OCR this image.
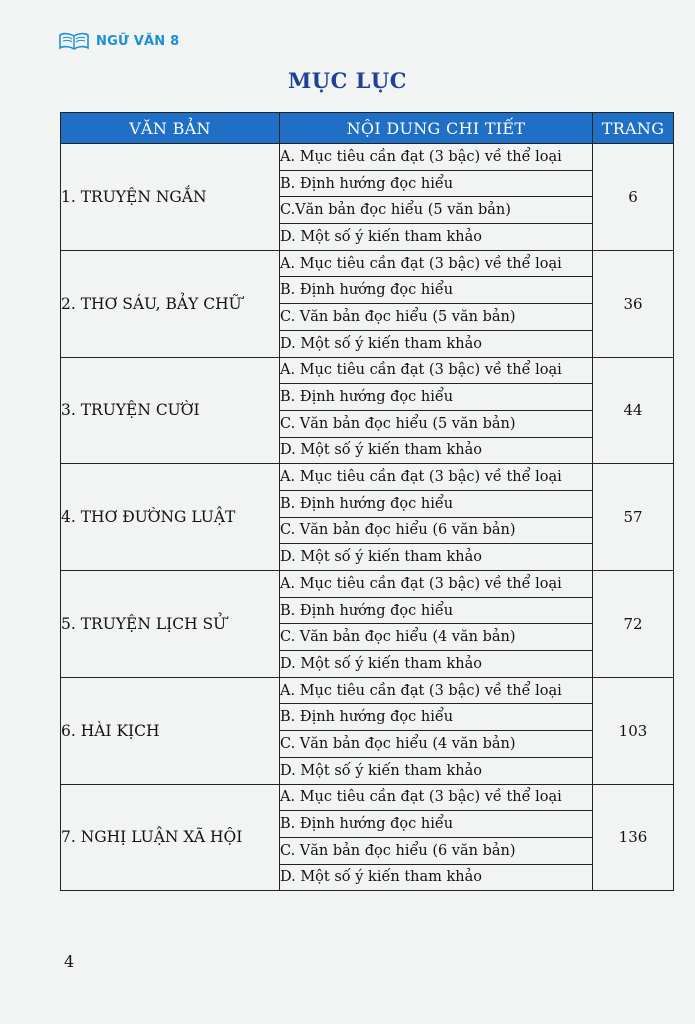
NGỮ VĂN 8
MỤC LỤC
VĂN BẢN	NỘI DUNG CHI TIẾT	TRANG
1. TRUYỆN NGẮN	A. Mục tiêu cần đạt (3 bậc) về thể loại	6
	B. Định hướng đọc hiểu	
	C.Văn bản đọc hiểu (5 văn bản)	
	D. Một số ý kiến tham khảo	
2. THƠ SÁU, BẢY CHỮ	A. Mục tiêu cần đạt (3 bậc) về thể loại	36
	B. Định hướng đọc hiểu	
	C. Văn bản đọc hiểu (5 văn bản)	
	D. Một số ý kiến tham khảo	
3. TRUYỆN CƯỜI	A. Mục tiêu cần đạt (3 bậc) về thể loại	44
	B. Định hướng đọc hiểu	
	C. Văn bản đọc hiểu (5 văn bản)	
	D. Một số ý kiến tham khảo	
4. THƠ ĐƯỜNG LUẬT	A. Mục tiêu cần đạt (3 bậc) về thể loại	57
	B. Định hướng đọc hiểu	
	C. Văn bản đọc hiểu (6 văn bản)	
	D. Một số ý kiến tham khảo	
5. TRUYỆN LỊCH SỬ	A. Mục tiêu cần đạt (3 bậc) về thể loại	72
	B. Định hướng đọc hiểu	
	C. Văn bản đọc hiểu (4 văn bản)	
	D. Một số ý kiến tham khảo	
6. HÀI KỊCH	A. Mục tiêu cần đạt (3 bậc) về thể loại	103
	B. Định hướng đọc hiểu	
	C. Văn bản đọc hiểu (4 văn bản)	
	D. Một số ý kiến tham khảo	
7. NGHỊ LUẬN XÃ HỘI	A. Mục tiêu cần đạt (3 bậc) về thể loại	136
	B. Định hướng đọc hiểu	
	C. Văn bản đọc hiểu (6 văn bản)	
	D. Một số ý kiến tham khảo	
4
